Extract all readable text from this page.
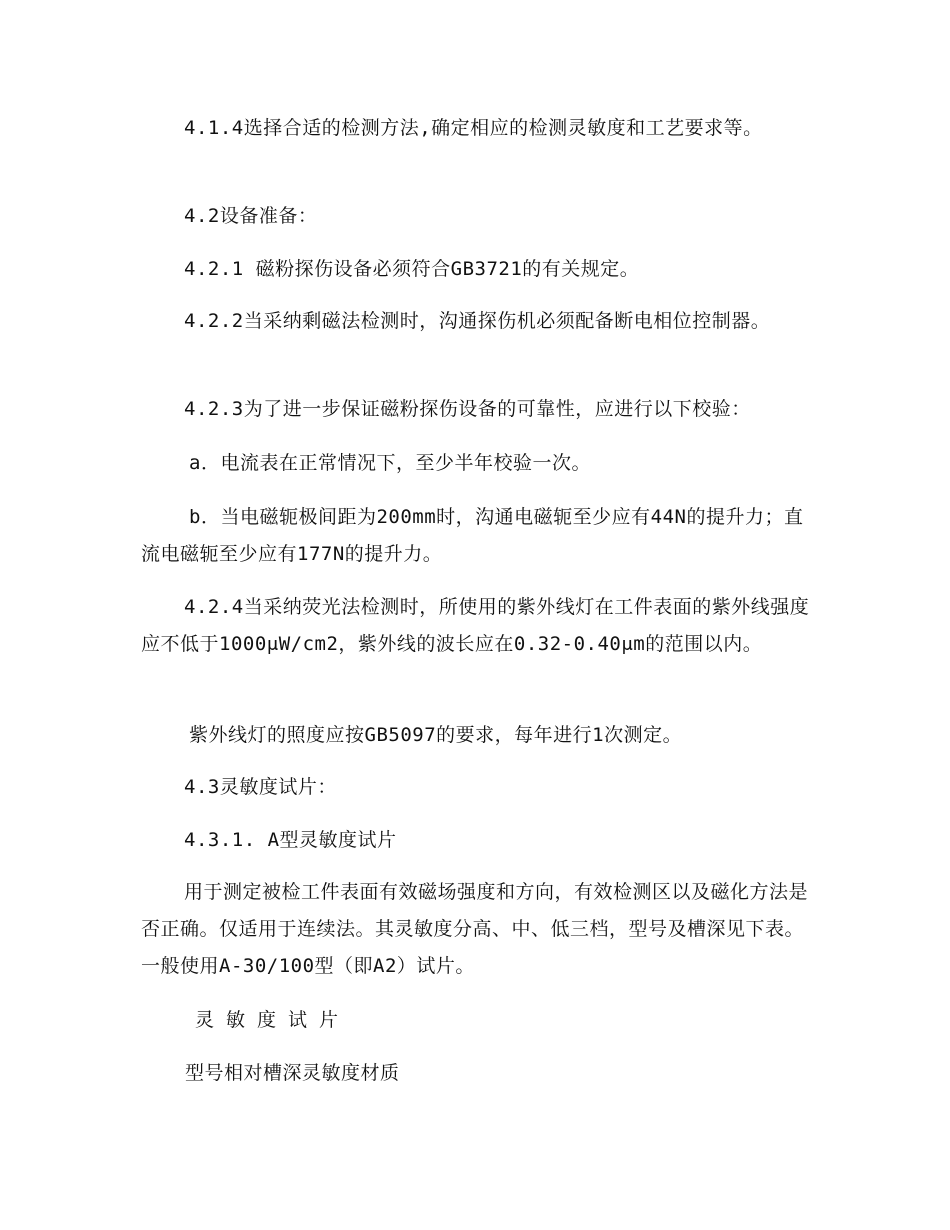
4.1.4选择合适的检测方法,确定相应的检测灵敏度和工艺要求等。

4.2设备准备：

4.2.1 磁粉探伤设备必须符合GB3721的有关规定。

4.2.2当采纳剩磁法检测时，沟通探伤机必须配备断电相位控制器。

4.2.3为了进一步保证磁粉探伤设备的可靠性，应进行以下校验：

a．电流表在正常情况下，至少半年校验一次。

b．当电磁轭极间距为200mm时，沟通电磁轭至少应有44N的提升力；直流电磁轭至少应有177N的提升力。

4.2.4当采纳荧光法检测时，所使用的紫外线灯在工件表面的紫外线强度应不低于1000μW/cm2，紫外线的波长应在0.32-0.40μm的范围以内。

紫外线灯的照度应按GB5097的要求，每年进行1次测定。

4.3灵敏度试片：

4.3.1. A型灵敏度试片

用于测定被检工件表面有效磁场强度和方向，有效检测区以及磁化方法是否正确。仅适用于连续法。其灵敏度分高、中、低三档，型号及槽深见下表。一般使用A-30/100型（即A2）试片。

灵敏度试片

型号相对槽深灵敏度材质
